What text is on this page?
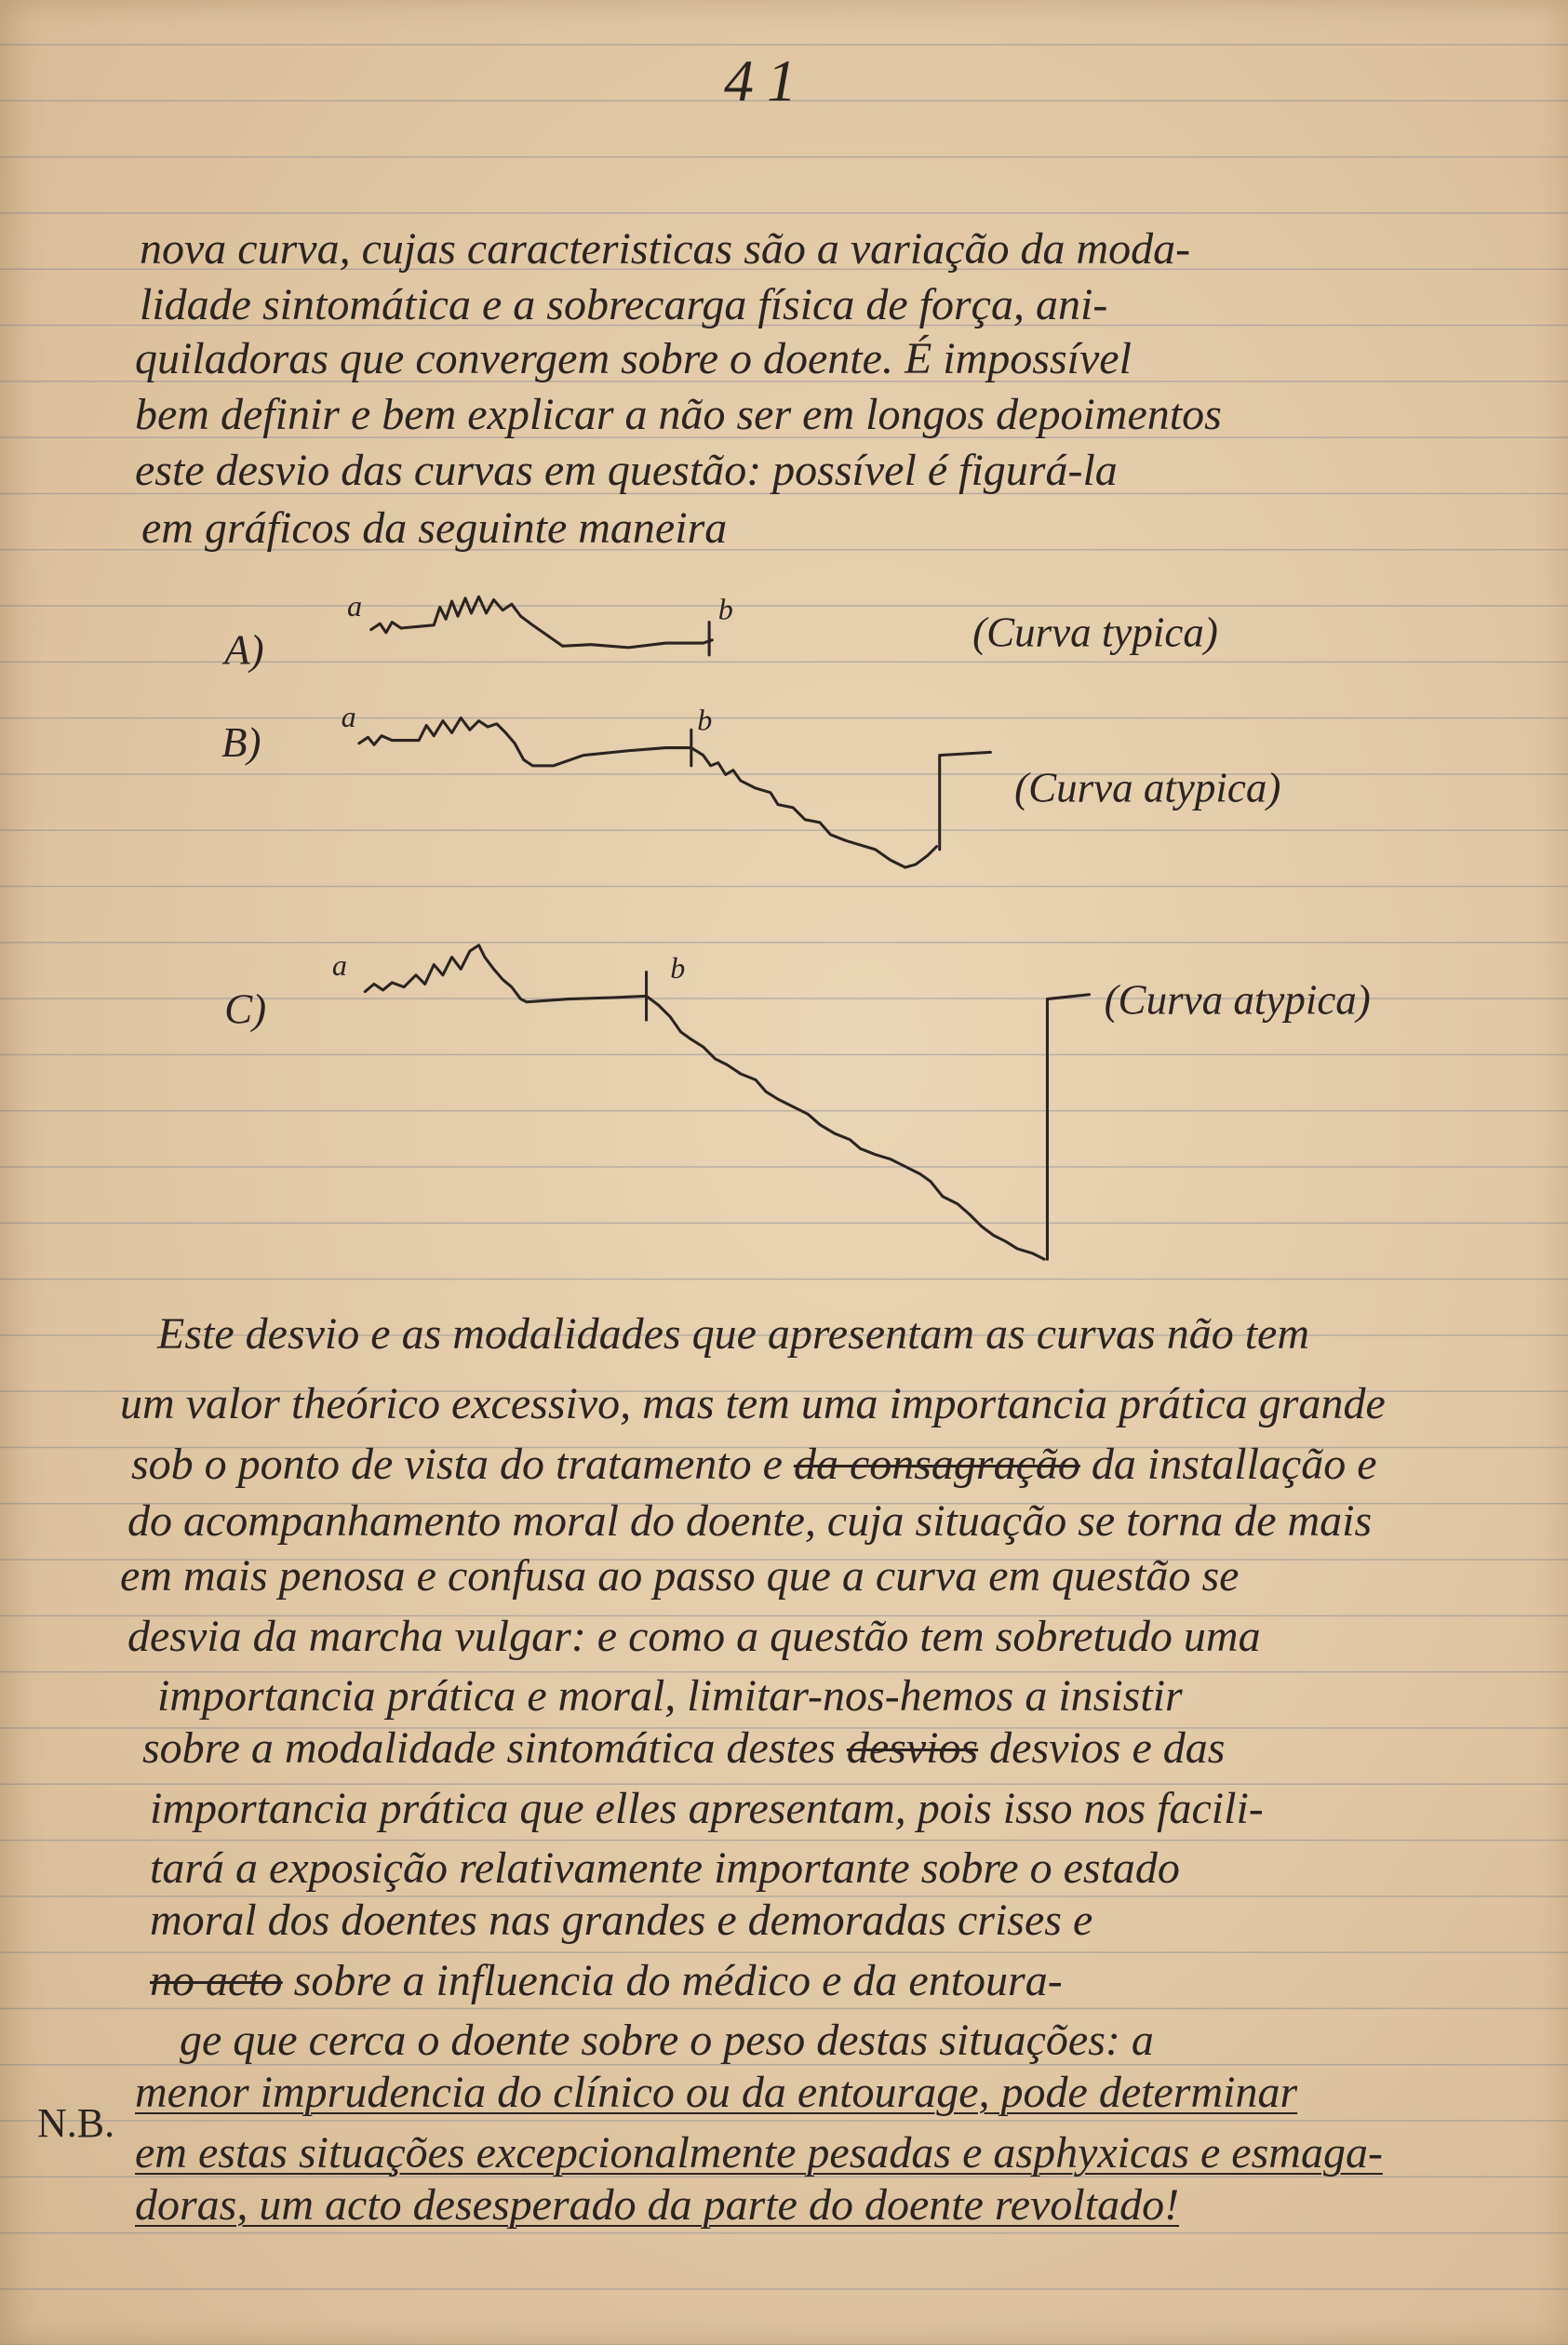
41
nova curva, cujas caracteristicas são a variação da moda-
lidade sintomática e a sobrecarga física de força, ani-
quiladoras que convergem sobre o doente. É impossível
bem definir e bem explicar a não ser em longos depoimentos
este desvio das curvas em questão: possível é figurá-la
em gráficos da seguinte maneira
A)
a	b	(Curva typica)
B)
a	b
(Curva atypica)
C)
a	b
(Curva atypica)
Este desvio e as modalidades que apresentam as curvas não tem
um valor theórico excessivo, mas tem uma importancia prática grande
sob o ponto de vista do tratamento e da consagração da installação e
do acompanhamento moral do doente, cuja situação se torna de mais
em mais penosa e confusa ao passo que a curva em questão se
desvia da marcha vulgar: e como a questão tem sobretudo uma
importancia prática e moral, limitar-nos-hemos a insistir
sobre a modalidade sintomática destes desvios desvios e das
importancia prática que elles apresentam, pois isso nos facili-
tará a exposição relativamente importante sobre o estado
moral dos doentes nas grandes e demoradas crises e
no acto sobre a influencia do médico e da entoura-
ge que cerca o doente sobre o peso destas situações: a
N.B.
menor imprudencia do clínico ou da entourage, pode determinar
em estas situações excepcionalmente pesadas e asphyxicas e esmaga-
doras, um acto desesperado da parte do doente revoltado!
